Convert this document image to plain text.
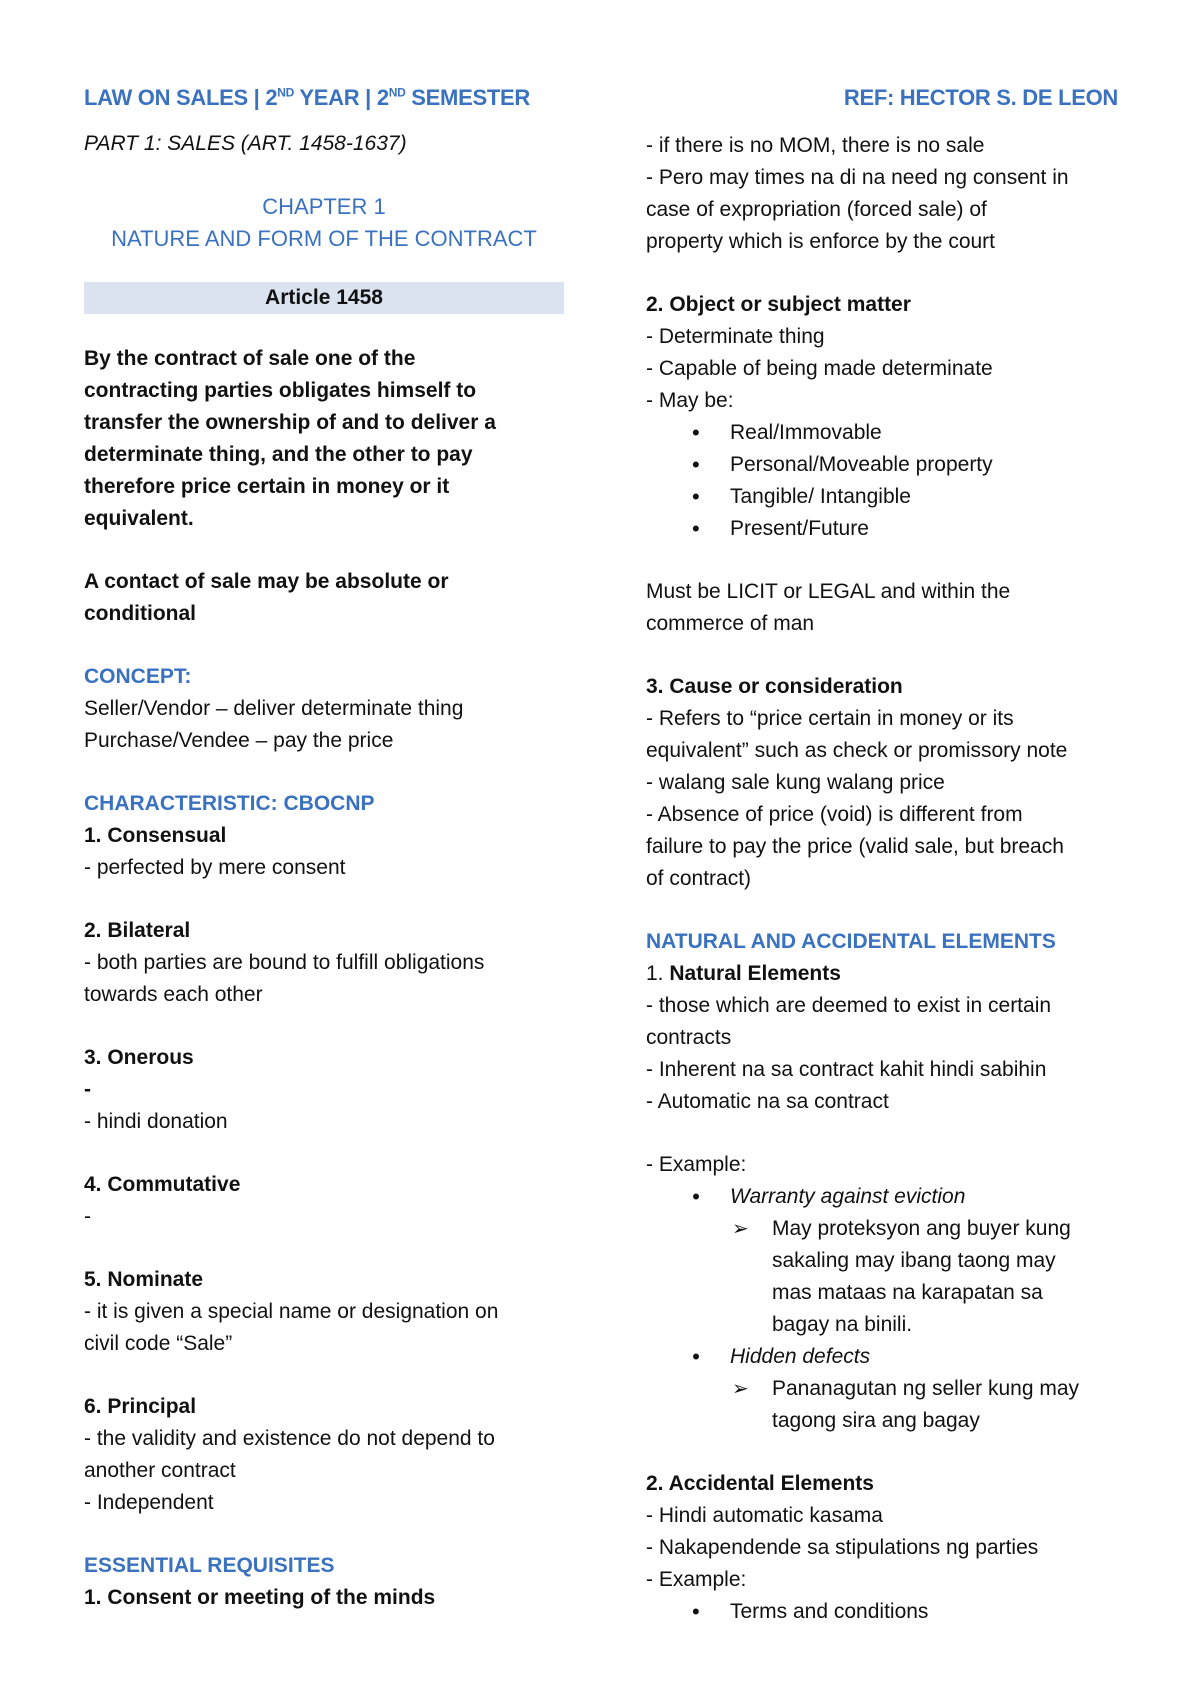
LAW ON SALES | 2ND YEAR | 2ND SEMESTER	REF: HECTOR S. DE LEON
PART 1: SALES (ART. 1458-1637)
CHAPTER 1
NATURE AND FORM OF THE CONTRACT
Article 1458
By the contract of sale one of the
contracting parties obligates himself to
transfer the ownership of and to deliver a
determinate thing, and the other to pay
therefore price certain in money or it
equivalent.
A contact of sale may be absolute or
conditional
CONCEPT:
Seller/Vendor – deliver determinate thing
Purchase/Vendee – pay the price
CHARACTERISTIC: CBOCNP
1. Consensual
- perfected by mere consent
2. Bilateral
- both parties are bound to fulfill obligations
towards each other
3. Onerous
-
- hindi donation
4. Commutative
-
5. Nominate
- it is given a special name or designation on
civil code “Sale”
6. Principal
- the validity and existence do not depend to
another contract
- Independent
ESSENTIAL REQUISITES
1. Consent or meeting of the minds
- if there is no MOM, there is no sale
- Pero may times na di na need ng consent in
case of expropriation (forced sale) of
property which is enforce by the court
2. Object or subject matter
- Determinate thing
- Capable of being made determinate
- May be:
• Real/Immovable
• Personal/Moveable property
• Tangible/ Intangible
• Present/Future
Must be LICIT or LEGAL and within the
commerce of man
3. Cause or consideration
- Refers to “price certain in money or its
equivalent” such as check or promissory note
- walang sale kung walang price
- Absence of price (void) is different from
failure to pay the price (valid sale, but breach
of contract)
NATURAL AND ACCIDENTAL ELEMENTS
1. Natural Elements
- those which are deemed to exist in certain
contracts
- Inherent na sa contract kahit hindi sabihin
- Automatic na sa contract
- Example:
• Warranty against eviction
➢ May proteksyon ang buyer kung
sakaling may ibang taong may
mas mataas na karapatan sa
bagay na binili.
• Hidden defects
➢ Pananagutan ng seller kung may
tagong sira ang bagay
2. Accidental Elements
- Hindi automatic kasama
- Nakapendende sa stipulations ng parties
- Example:
• Terms and conditions
